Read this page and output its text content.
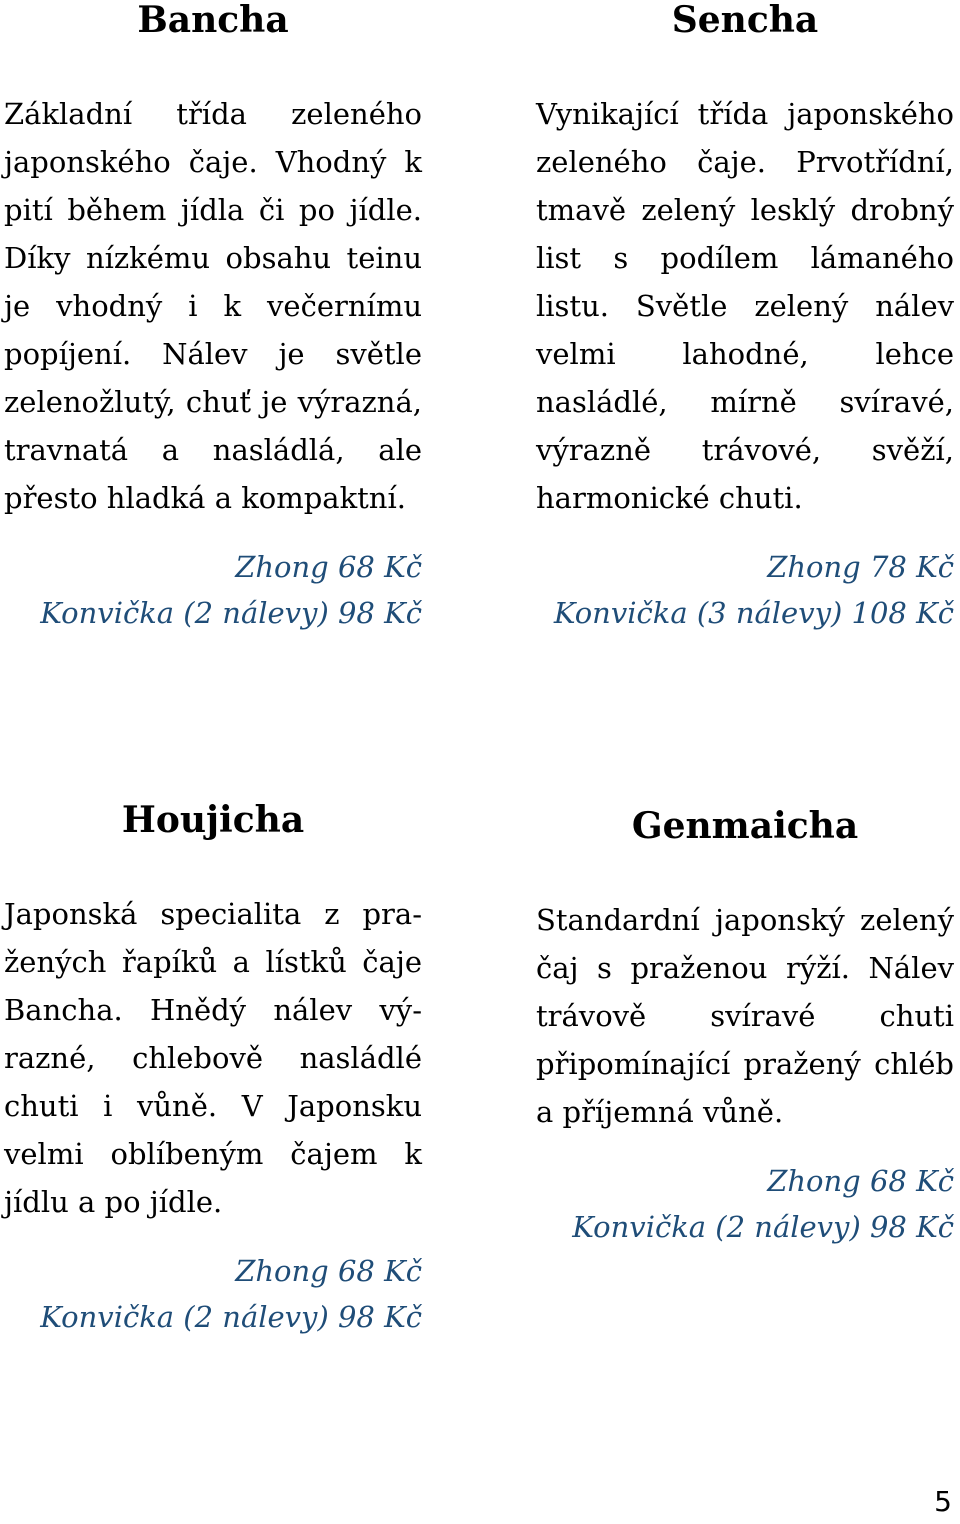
Bancha

Základní třída zeleného japonského čaje. Vhodný k pití během jídla či po jídle. Díky nízkému obsahu teinu je vhodný i k večernímu popíjení. Nálev je světle zelenožlutý, chuť je výrazná, travnatá a nasládlá, ale přesto hladká a kompaktní.

Zhong 68 Kč
Konvička (2 nálevy) 98 Kč
Sencha

Vynikající třída japonského zeleného čaje. Prvotřídní, tmavě zelený lesklý drobný list s podílem lámaného listu. Světle zelený nálev velmi lahodné, lehce nasládlé, mírně svíravé, výrazně trávové, svěží, harmonické chuti.

Zhong 78 Kč
Konvička (3 nálevy) 108 Kč
Houjicha

Japonská specialita z pražených řapíků a lístků čaje Bancha. Hnědý nálev výrazné, chlebově nasládlé chuti i vůně. V Japonsku velmi oblíbeným čajem k jídlu a po jídle.

Zhong 68 Kč
Konvička (2 nálevy) 98 Kč
Genmaicha

Standardní japonský zelený čaj s praženou rýží. Nálev trávově svíravé chuti připomínající pražený chléb a příjemná vůně.

Zhong 68 Kč
Konvička (2 nálevy) 98 Kč
5
